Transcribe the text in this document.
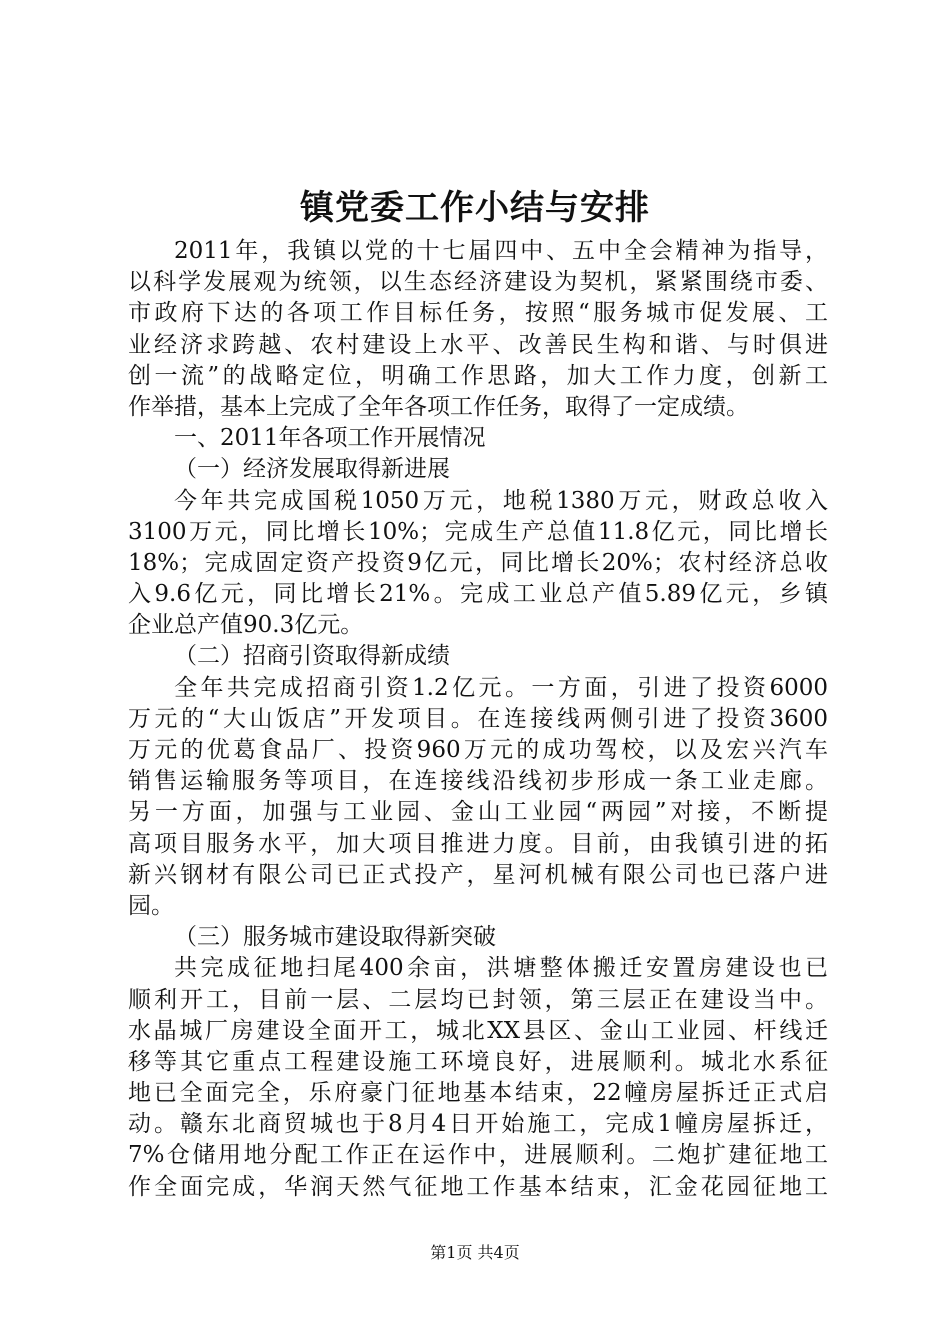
镇党委工作小结与安排
2011年，我镇以党的十七届四中、五中全会精神为指导，
以科学发展观为统领，以生态经济建设为契机，紧紧围绕市委、
市政府下达的各项工作目标任务，按照“服务城市促发展、工
业经济求跨越、农村建设上水平、改善民生构和谐、与时俱进
创一流”的战略定位，明确工作思路，加大工作力度，创新工
作举措，基本上完成了全年各项工作任务，取得了一定成绩。
一、2011年各项工作开展情况
（一）经济发展取得新进展
今年共完成国税1050万元，地税1380万元，财政总收入
3100万元，同比增长10%；完成生产总值11.8亿元，同比增长
18%；完成固定资产投资9亿元，同比增长20%；农村经济总收
入9.6亿元，同比增长21%。完成工业总产值5.89亿元，乡镇
企业总产值90.3亿元。
（二）招商引资取得新成绩
全年共完成招商引资1.2亿元。一方面，引进了投资6000
万元的“大山饭店”开发项目。在连接线两侧引进了投资3600
万元的优葛食品厂、投资960万元的成功驾校，以及宏兴汽车
销售运输服务等项目，在连接线沿线初步形成一条工业走廊。
另一方面，加强与工业园、金山工业园“两园”对接，不断提
高项目服务水平，加大项目推进力度。目前，由我镇引进的拓
新兴钢材有限公司已正式投产，星河机械有限公司也已落户进
园。
（三）服务城市建设取得新突破
共完成征地扫尾400余亩，洪塘整体搬迁安置房建设也已
顺利开工，目前一层、二层均已封领，第三层正在建设当中。
水晶城厂房建设全面开工，城北XX县区、金山工业园、杆线迁
移等其它重点工程建设施工环境良好，进展顺利。城北水系征
地已全面完全，乐府豪门征地基本结束，22幢房屋拆迁正式启
动。赣东北商贸城也于8月4日开始施工，完成1幢房屋拆迁，
7%仓储用地分配工作正在运作中，进展顺利。二炮扩建征地工
作全面完成，华润天然气征地工作基本结束，汇金花园征地工
第1页 共4页
